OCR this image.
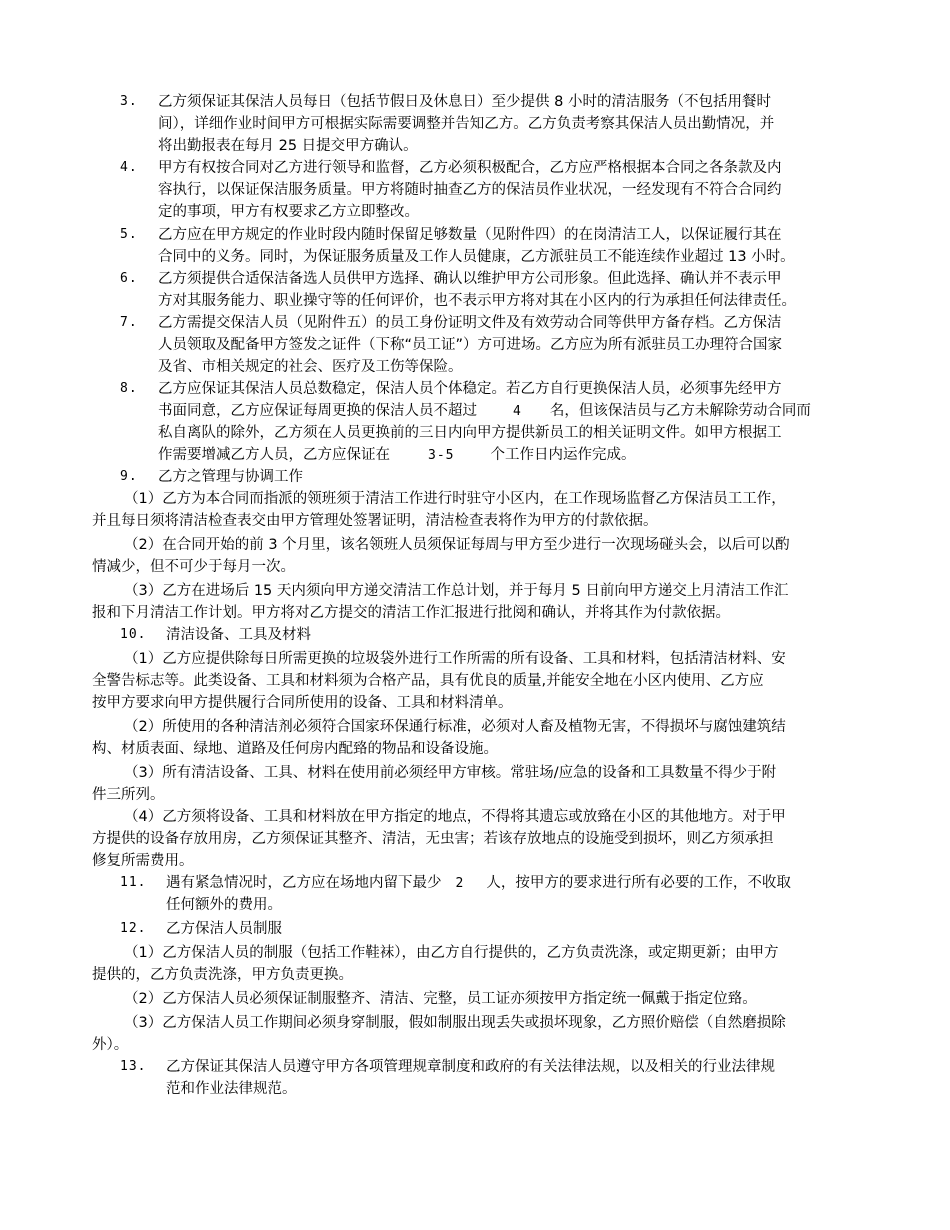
3. 乙方须保证其保洁人员每日（包括节假日及休息日）至少提供 8 小时的清洁服务（不包括用餐时
间），详细作业时间甲方可根据实际需要调整并告知乙方。乙方负责考察其保洁人员出勤情况，并
将出勤报表在每月 25 日提交甲方确认。
4. 甲方有权按合同对乙方进行领导和监督，乙方必须积极配合，乙方应严格根据本合同之各条款及内
容执行，以保证保洁服务质量。甲方将随时抽查乙方的保洁员作业状况，一经发现有不符合合同约
定的事项，甲方有权要求乙方立即整改。
5. 乙方应在甲方规定的作业时段内随时保留足够数量（见附件四）的在岗清洁工人，以保证履行其在
合同中的义务。同时，为保证服务质量及工作人员健康，乙方派驻员工不能连续作业超过 13 小时。
6. 乙方须提供合适保洁备选人员供甲方选择、确认以维护甲方公司形象。但此选择、确认并不表示甲
方对其服务能力、职业操守等的任何评价，也不表示甲方将对其在小区内的行为承担任何法律责任。
7. 乙方需提交保洁人员（见附件五）的员工身份证明文件及有效劳动合同等供甲方备存档。乙方保洁
人员领取及配备甲方签发之证件（下称“员工证”）方可进场。乙方应为所有派驻员工办理符合国家
及省、市相关规定的社会、医疗及工伤等保险。
8. 乙方应保证其保洁人员总数稳定，保洁人员个体稳定。若乙方自行更换保洁人员，必须事先经甲方
书面同意，乙方应保证每周更换的保洁人员不超过	4 名，但该保洁员与乙方未解除劳动合同而
私自离队的除外，乙方须在人员更换前的三日内向甲方提供新员工的相关证明文件。如甲方根据工
作需要增减乙方人员，乙方应保证在	3-5 个工作日内运作完成。
9. 乙方之管理与协调工作
（1）乙方为本合同而指派的领班须于清洁工作进行时驻守小区内，在工作现场监督乙方保洁员工工作，
并且每日须将清洁检查表交由甲方管理处签署证明，清洁检查表将作为甲方的付款依据。
（2）在合同开始的前 3 个月里，该名领班人员须保证每周与甲方至少进行一次现场碰头会，以后可以酌
情减少，但不可少于每月一次。
（3）乙方在进场后 15 天内须向甲方递交清洁工作总计划，并于每月 5 日前向甲方递交上月清洁工作汇
报和下月清洁工作计划。甲方将对乙方提交的清洁工作汇报进行批阅和确认，并将其作为付款依据。
10. 清洁设备、工具及材料
（1）乙方应提供除每日所需更换的垃圾袋外进行工作所需的所有设备、工具和材料，包括清洁材料、安
全警告标志等。此类设备、工具和材料须为合格产品，具有优良的质量,并能安全地在小区内使用、乙方应
按甲方要求向甲方提供履行合同所使用的设备、工具和材料清单。
（2）所使用的各种清洁剂必须符合国家环保通行标准，必须对人畜及植物无害，不得损坏与腐蚀建筑结
构、材质表面、绿地、道路及任何房内配臵的物品和设备设施。
（3）所有清洁设备、工具、材料在使用前必须经甲方审核。常驻场/应急的设备和工具数量不得少于附
件三所列。
（4）乙方须将设备、工具和材料放在甲方指定的地点，不得将其遗忘或放臵在小区的其他地方。对于甲
方提供的设备存放用房，乙方须保证其整齐、清洁，无虫害；若该存放地点的设施受到损坏，则乙方须承担
修复所需费用。
11. 遇有紧急情况时，乙方应在场地内留下最少 2 人，按甲方的要求进行所有必要的工作，不收取
任何额外的费用。
12. 乙方保洁人员制服
（1）乙方保洁人员的制服（包括工作鞋袜），由乙方自行提供的，乙方负责洗涤，或定期更新；由甲方
提供的，乙方负责洗涤，甲方负责更换。
（2）乙方保洁人员必须保证制服整齐、清洁、完整，员工证亦须按甲方指定统一佩戴于指定位臵。
（3）乙方保洁人员工作期间必须身穿制服，假如制服出现丢失或损坏现象，乙方照价赔偿（自然磨损除
外）。
13. 乙方保证其保洁人员遵守甲方各项管理规章制度和政府的有关法律法规，以及相关的行业法律规
范和作业法律规范。
